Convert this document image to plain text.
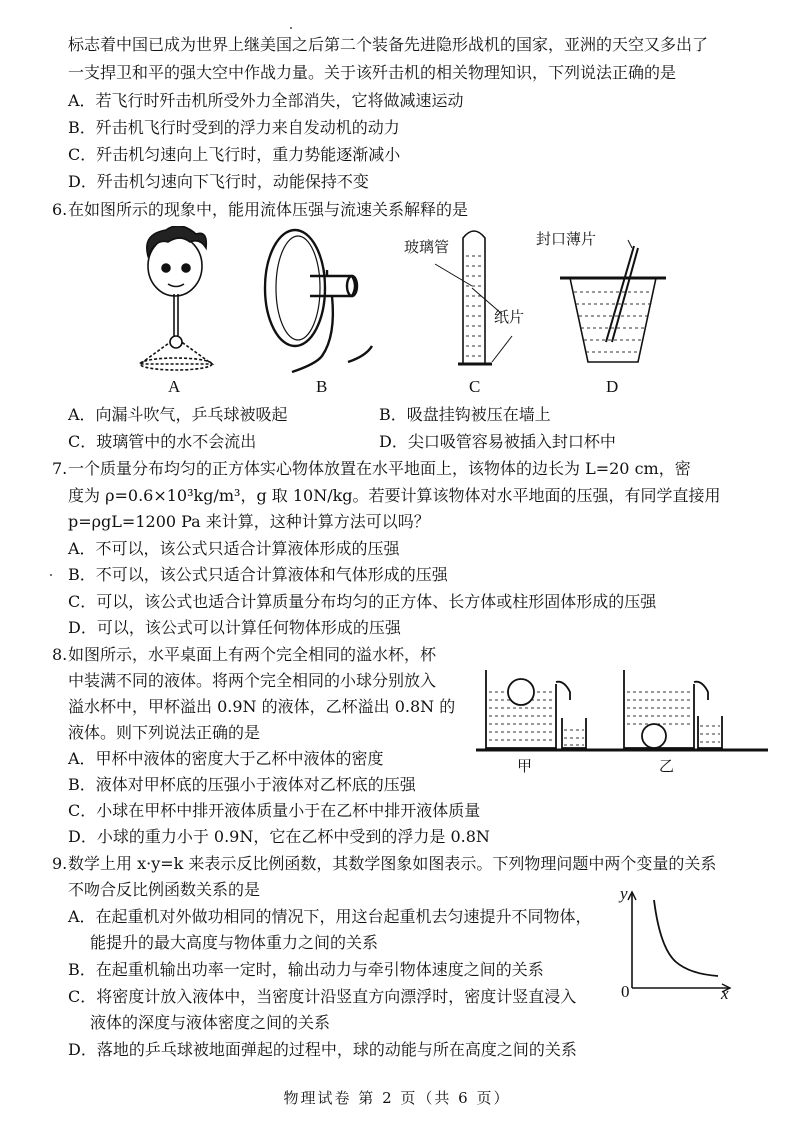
标志着中国已成为世界上继美国之后第二个装备先进隐形战机的国家，亚洲的天空又多出了
一支捍卫和平的强大空中作战力量。关于该歼击机的相关物理知识，下列说法正确的是
A．若飞行时歼击机所受外力全部消失，它将做减速运动
B．歼击机飞行时受到的浮力来自发动机的动力
C．歼击机匀速向上飞行时，重力势能逐渐减小
D．歼击机匀速向下飞行时，动能保持不变
6. 在如图所示的现象中，能用流体压强与流速关系解释的是
玻璃管
纸片
封口薄片
A	B	C	D
A．向漏斗吹气，乒乓球被吸起	B．吸盘挂钩被压在墙上
C．玻璃管中的水不会流出	D．尖口吸管容易被插入封口杯中
7. 一个质量分布均匀的正方体实心物体放置在水平地面上，该物体的边长为 L=20 cm，密
度为 ρ=0.6×10³kg/m³，g 取 10N/kg。若要计算该物体对水平地面的压强，有同学直接用
p=ρgL=1200 Pa 来计算，这种计算方法可以吗？
A．不可以，该公式只适合计算液体形成的压强
B．不可以，该公式只适合计算液体和气体形成的压强
C．可以，该公式也适合计算质量分布均匀的正方体、长方体或柱形固体形成的压强
D．可以，该公式可以计算任何物体形成的压强
8. 如图所示，水平桌面上有两个完全相同的溢水杯，杯
中装满不同的液体。将两个完全相同的小球分别放入
溢水杯中，甲杯溢出 0.9N 的液体，乙杯溢出 0.8N 的
液体。则下列说法正确的是
甲	乙
A．甲杯中液体的密度大于乙杯中液体的密度
B．液体对甲杯底的压强小于液体对乙杯底的压强
C．小球在甲杯中排开液体质量小于在乙杯中排开液体质量
D．小球的重力小于 0.9N，它在乙杯中受到的浮力是 0.8N
9. 数学上用 x·y=k 来表示反比例函数，其数学图象如图表示。下列物理问题中两个变量的关系
不吻合反比例函数关系的是	y
x
0
A．在起重机对外做功相同的情况下，用这台起重机去匀速提升不同物体，
能提升的最大高度与物体重力之间的关系
B．在起重机输出功率一定时，输出动力与牵引物体速度之间的关系
C．将密度计放入液体中，当密度计沿竖直方向漂浮时，密度计竖直浸入
液体的深度与液体密度之间的关系
D．落地的乒乓球被地面弹起的过程中，球的动能与所在高度之间的关系
物理试卷 第 2 页（共 6 页）
